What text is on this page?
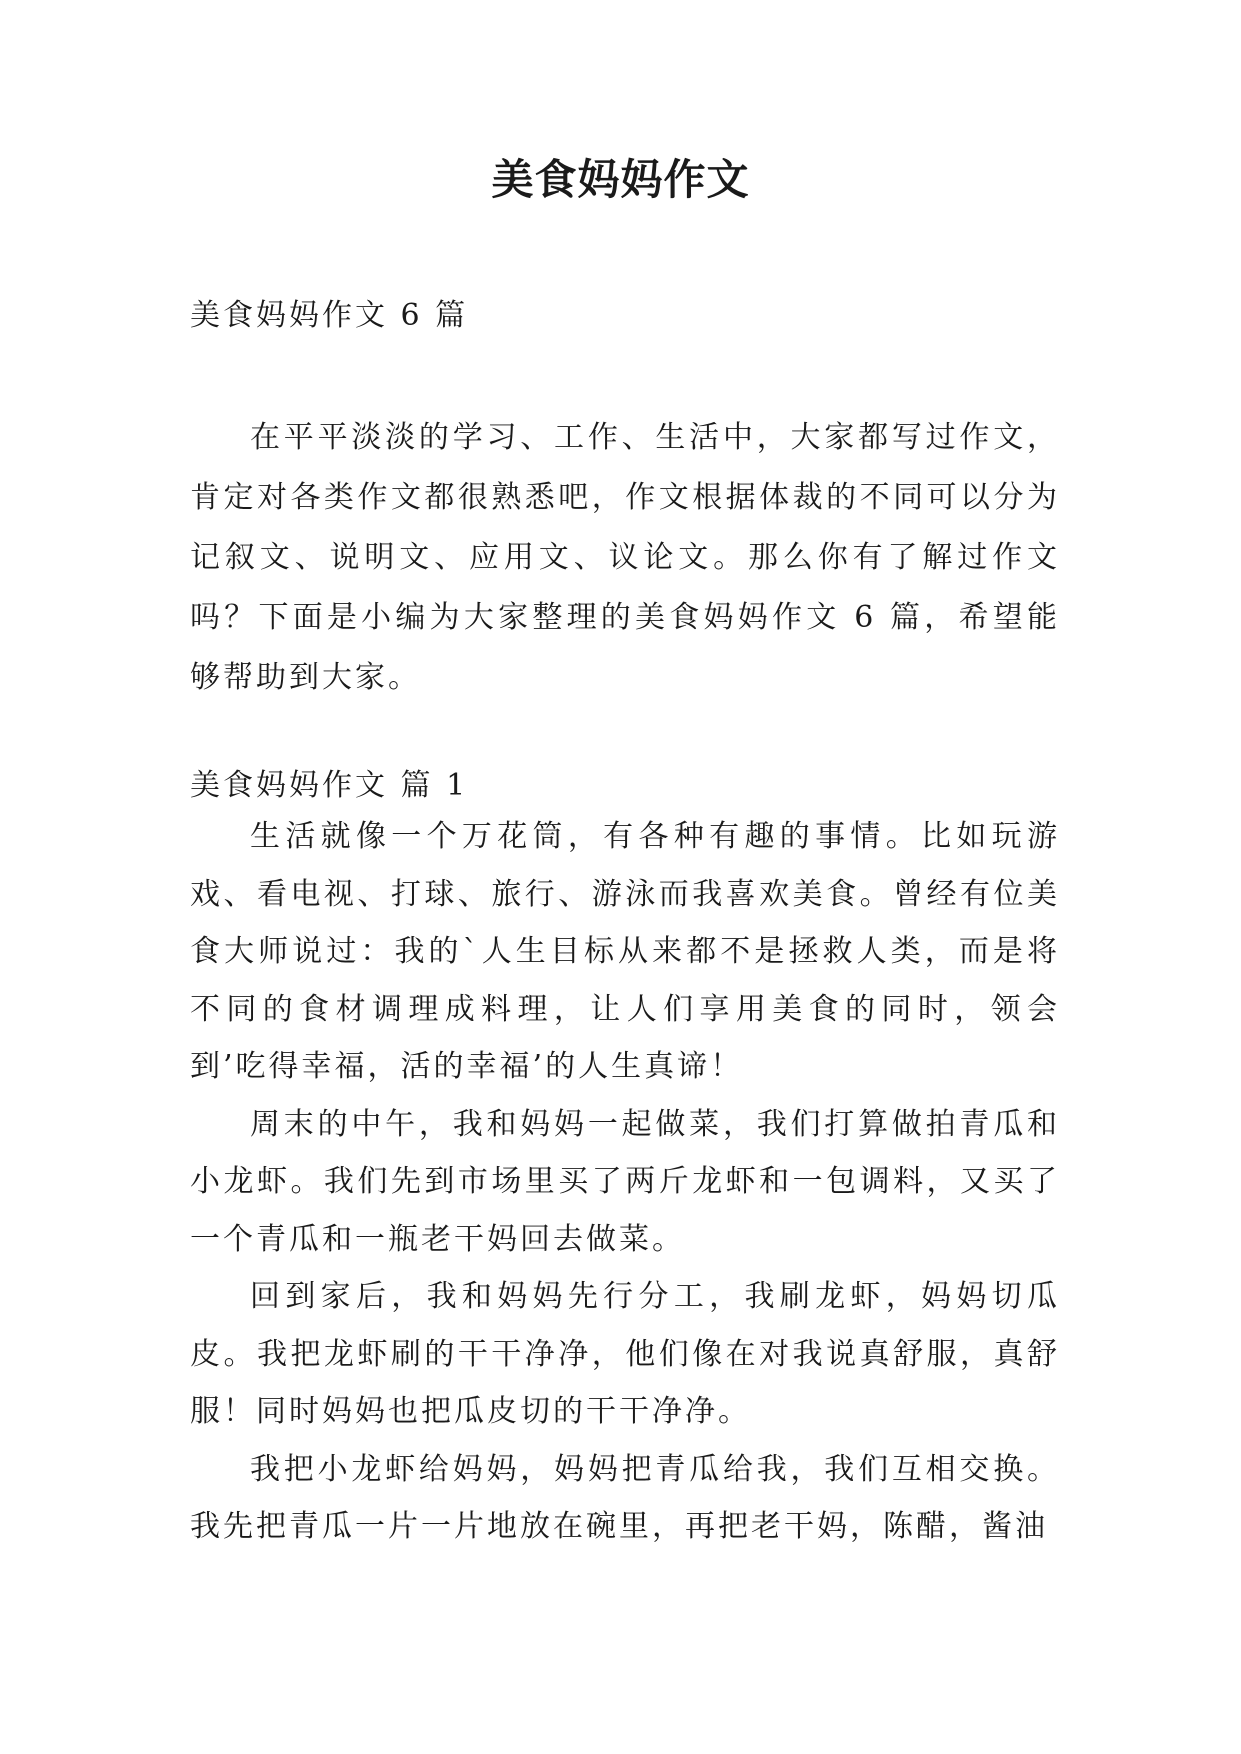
美食妈妈作文
美食妈妈作文 6 篇
在平平淡淡的学习、工作、生活中，大家都写过作文，肯定对各类作文都很熟悉吧，作文根据体裁的不同可以分为记叙文、说明文、应用文、议论文。那么你有了解过作文吗？下面是小编为大家整理的美食妈妈作文 6 篇，希望能够帮助到大家。
美食妈妈作文 篇 1

生活就像一个万花筒，有各种有趣的事情。比如玩游戏、看电视、打球、旅行、游泳而我喜欢美食。曾经有位美食大师说过：我的`人生目标从来都不是拯救人类，而是将不同的食材调理成料理，让人们享用美食的同时，领会到’吃得幸福，活的幸福’的人生真谛！

周末的中午，我和妈妈一起做菜，我们打算做拍青瓜和小龙虾。我们先到市场里买了两斤龙虾和一包调料，又买了一个青瓜和一瓶老干妈回去做菜。

回到家后，我和妈妈先行分工，我刷龙虾，妈妈切瓜皮。我把龙虾刷的干干净净，他们像在对我说真舒服，真舒服！同时妈妈也把瓜皮切的干干净净。

我把小龙虾给妈妈，妈妈把青瓜给我，我们互相交换。我先把青瓜一片一片地放在碗里，再把老干妈，陈醋，酱油
